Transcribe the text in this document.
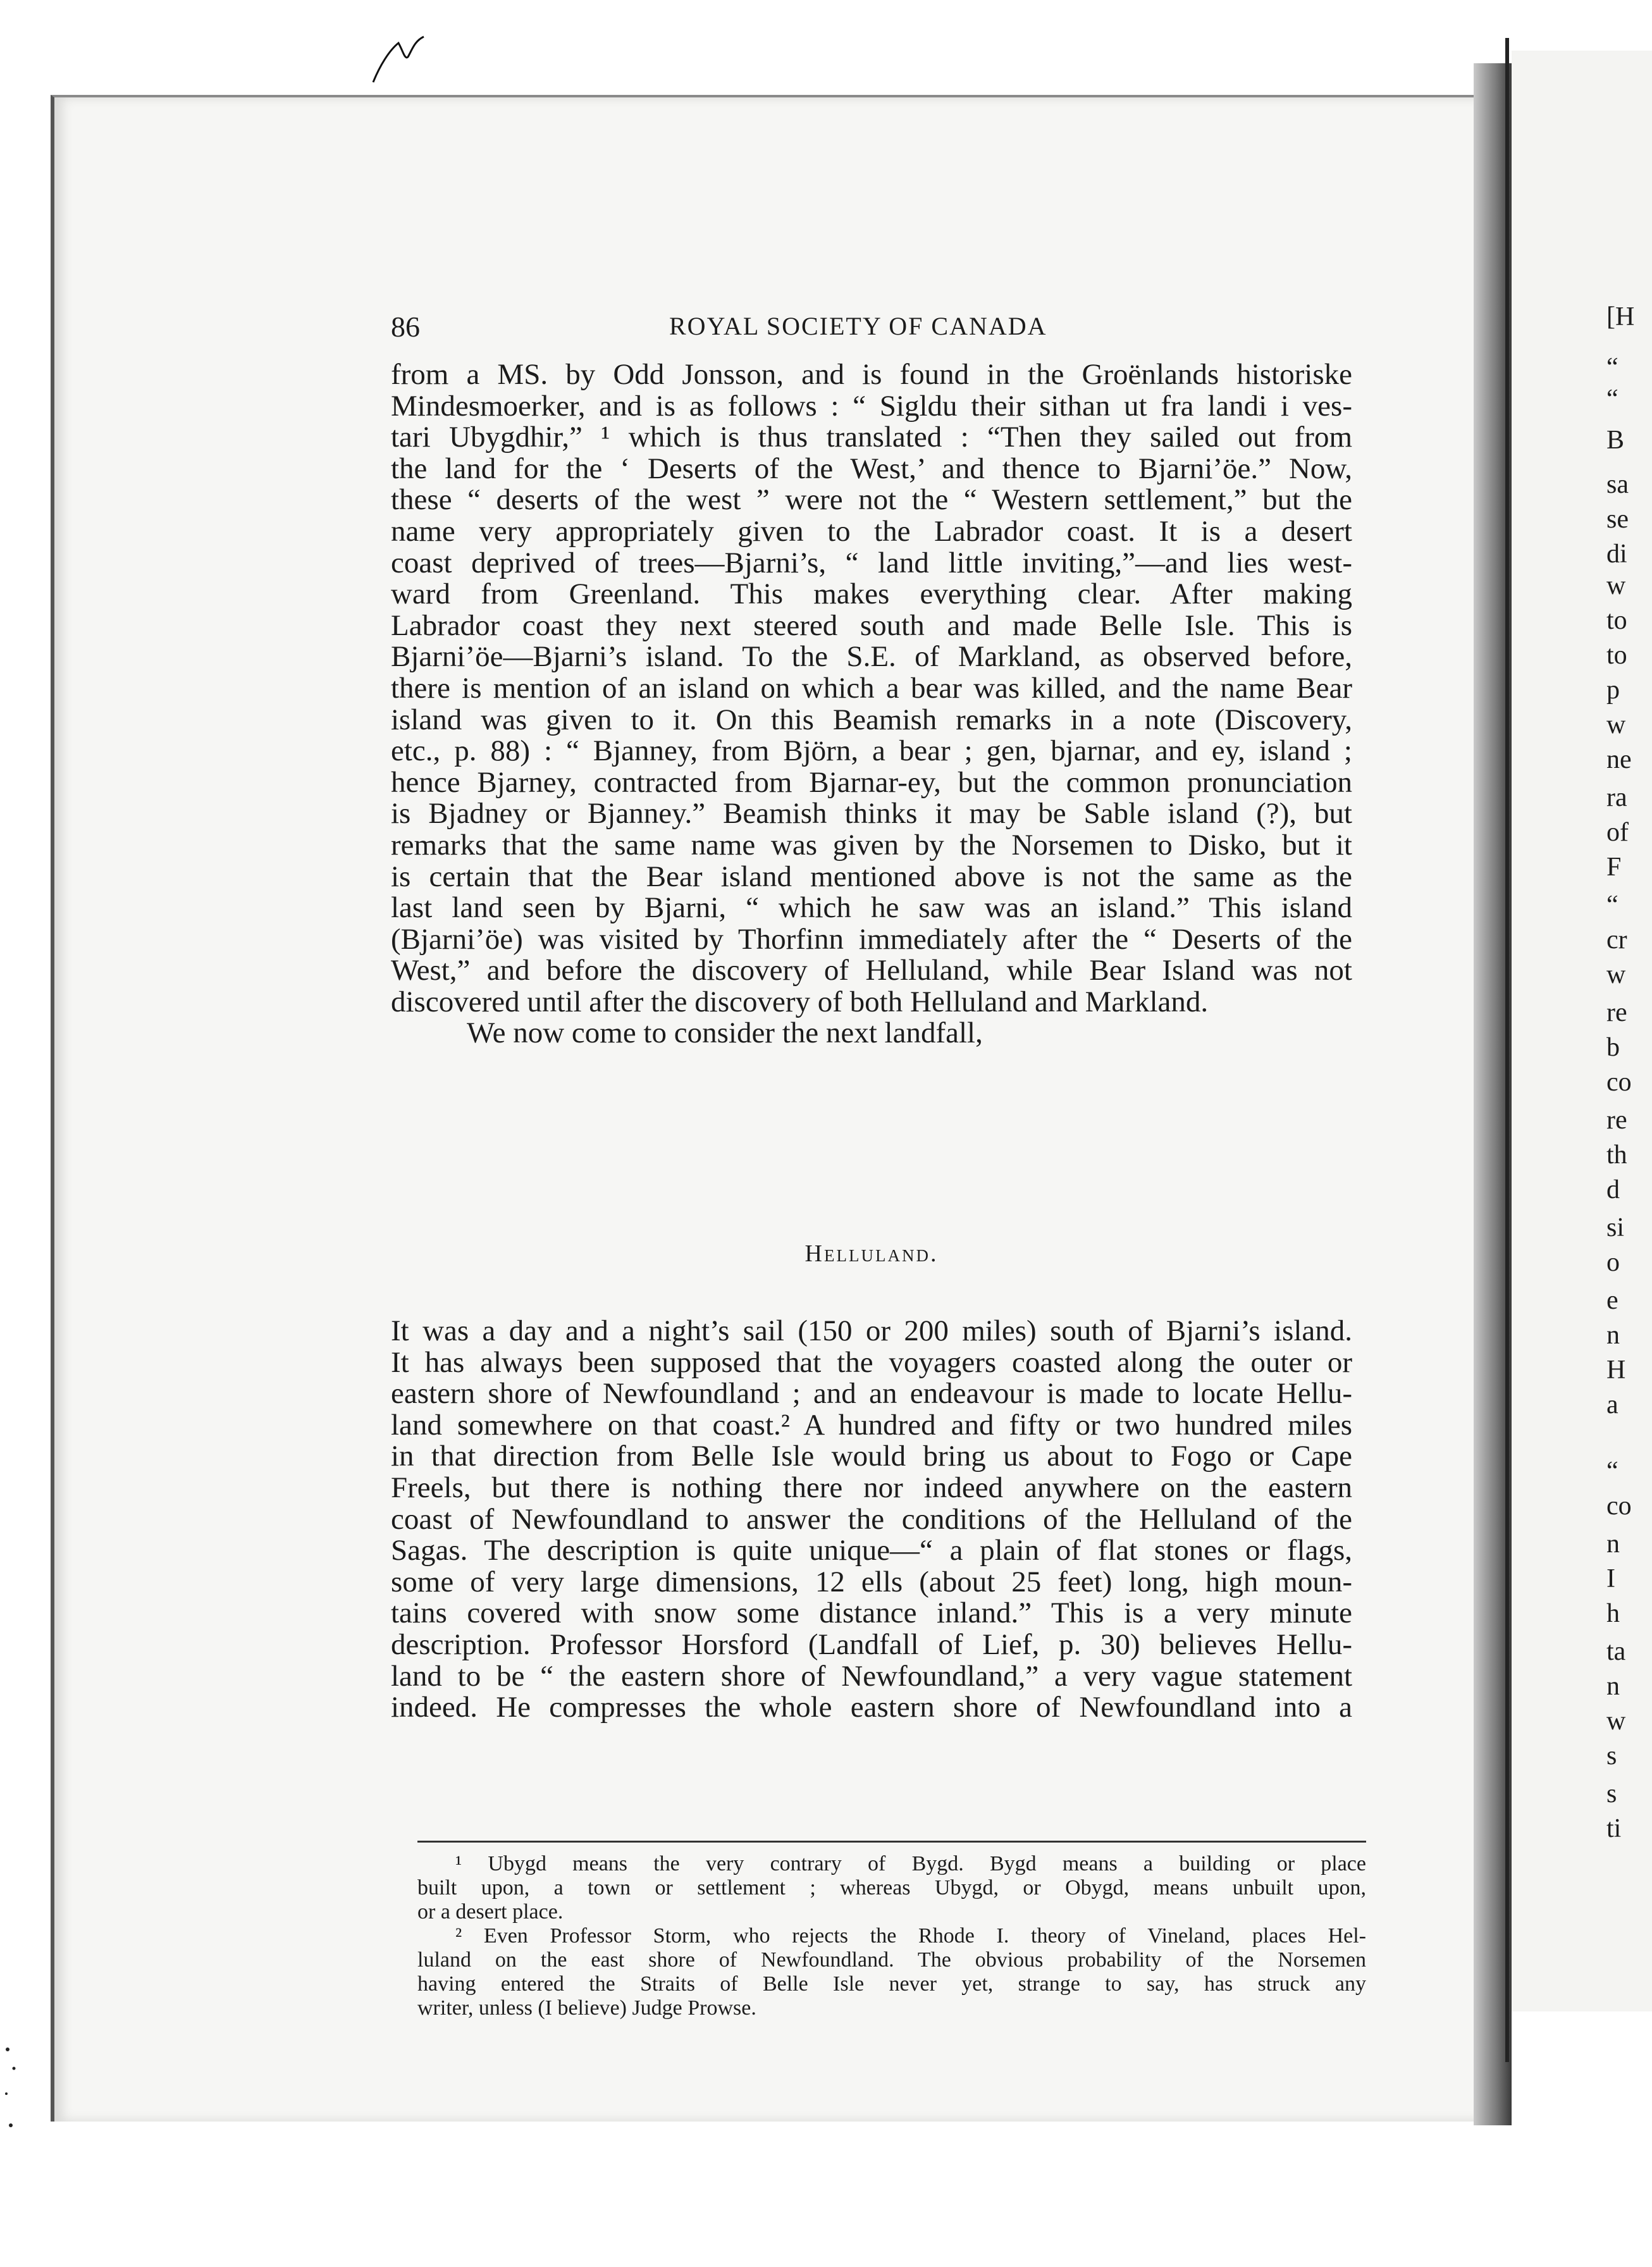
[H
“
“
B
sa
se
di
w
to
to
p
w
ne
ra
of
F
“
cr
w
re
b
co
re
th
d
si
o
e
n
H
a
“
co
n
I
h
ta
n
w
s
s
ti
86	ROYAL SOCIETY OF CANADA
from a MS. by Odd Jonsson, and is found in the Groënlands historiske
Mindesmoerker, and is as follows : “ Sigldu their sithan ut fra landi i ves-
tari Ubygdhir,” ¹ which is thus translated : “Then they sailed out from
the land for the ‘ Deserts of the West,’ and thence to Bjarni’öe.” Now,
these “ deserts of the west ” were not the “ Western settlement,” but the
name very appropriately given to the Labrador coast. It is a desert
coast deprived of trees—Bjarni’s, “ land little inviting,”—and lies west-
ward from Greenland. This makes everything clear. After making
Labrador coast they next steered south and made Belle Isle. This is
Bjarni’öe—Bjarni’s island. To the S.E. of Markland, as observed before,
there is mention of an island on which a bear was killed, and the name Bear
island was given to it. On this Beamish remarks in a note (Discovery,
etc., p. 88) : “ Bjanney, from Björn, a bear ; gen, bjarnar, and ey, island ;
hence Bjarney, contracted from Bjarnar-ey, but the common pronunciation
is Bjadney or Bjanney.” Beamish thinks it may be Sable island (?), but
remarks that the same name was given by the Norsemen to Disko, but it
is certain that the Bear island mentioned above is not the same as the
last land seen by Bjarni, “ which he saw was an island.” This island
(Bjarni’öe) was visited by Thorfinn immediately after the “ Deserts of the
West,” and before the discovery of Helluland, while Bear Island was not
discovered until after the discovery of both Helluland and Markland.
We now come to consider the next landfall,
Helluland.
It was a day and a night’s sail (150 or 200 miles) south of Bjarni’s island.
It has always been supposed that the voyagers coasted along the outer or
eastern shore of Newfoundland ; and an endeavour is made to locate Hellu-
land somewhere on that coast.² A hundred and fifty or two hundred miles
in that direction from Belle Isle would bring us about to Fogo or Cape
Freels, but there is nothing there nor indeed anywhere on the eastern
coast of Newfoundland to answer the conditions of the Helluland of the
Sagas. The description is quite unique—“ a plain of flat stones or flags,
some of very large dimensions, 12 ells (about 25 feet) long, high moun-
tains covered with snow some distance inland.” This is a very minute
description. Professor Horsford (Landfall of Lief, p. 30) believes Hellu-
land to be “ the eastern shore of Newfoundland,” a very vague statement
indeed. He compresses the whole eastern shore of Newfoundland into a
¹ Ubygd means the very contrary of Bygd. Bygd means a building or place
built upon, a town or settlement ; whereas Ubygd, or Obygd, means unbuilt upon,
or a desert place.
² Even Professor Storm, who rejects the Rhode I. theory of Vineland, places Hel-
luland on the east shore of Newfoundland. The obvious probability of the Norsemen
having entered the Straits of Belle Isle never yet, strange to say, has struck any
writer, unless (I believe) Judge Prowse.
